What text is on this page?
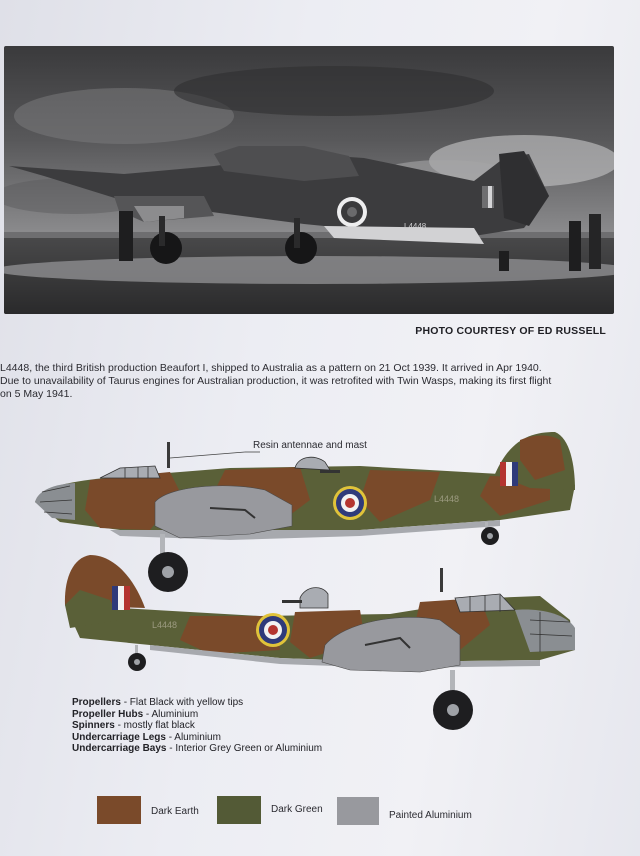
L4448
PHOTO COURTESY OF ED RUSSELL
L4448, the third British production Beaufort I, shipped to Australia as a pattern on 21 Oct 1939. It arrived in Apr 1940.
Due to unavailability of Taurus engines for Australian production, it was retrofited with Twin Wasps, making its first flight
on 5 May 1941.
Resin antennae and mast
L4448
L4448
Propellers - Flat Black with yellow tips
Propeller Hubs - Aluminium
Spinners - mostly flat black
Undercarriage Legs - Aluminium
Undercarriage Bays - Interior Grey Green or Aluminium
Dark Earth	Dark Green
Painted Aluminium
